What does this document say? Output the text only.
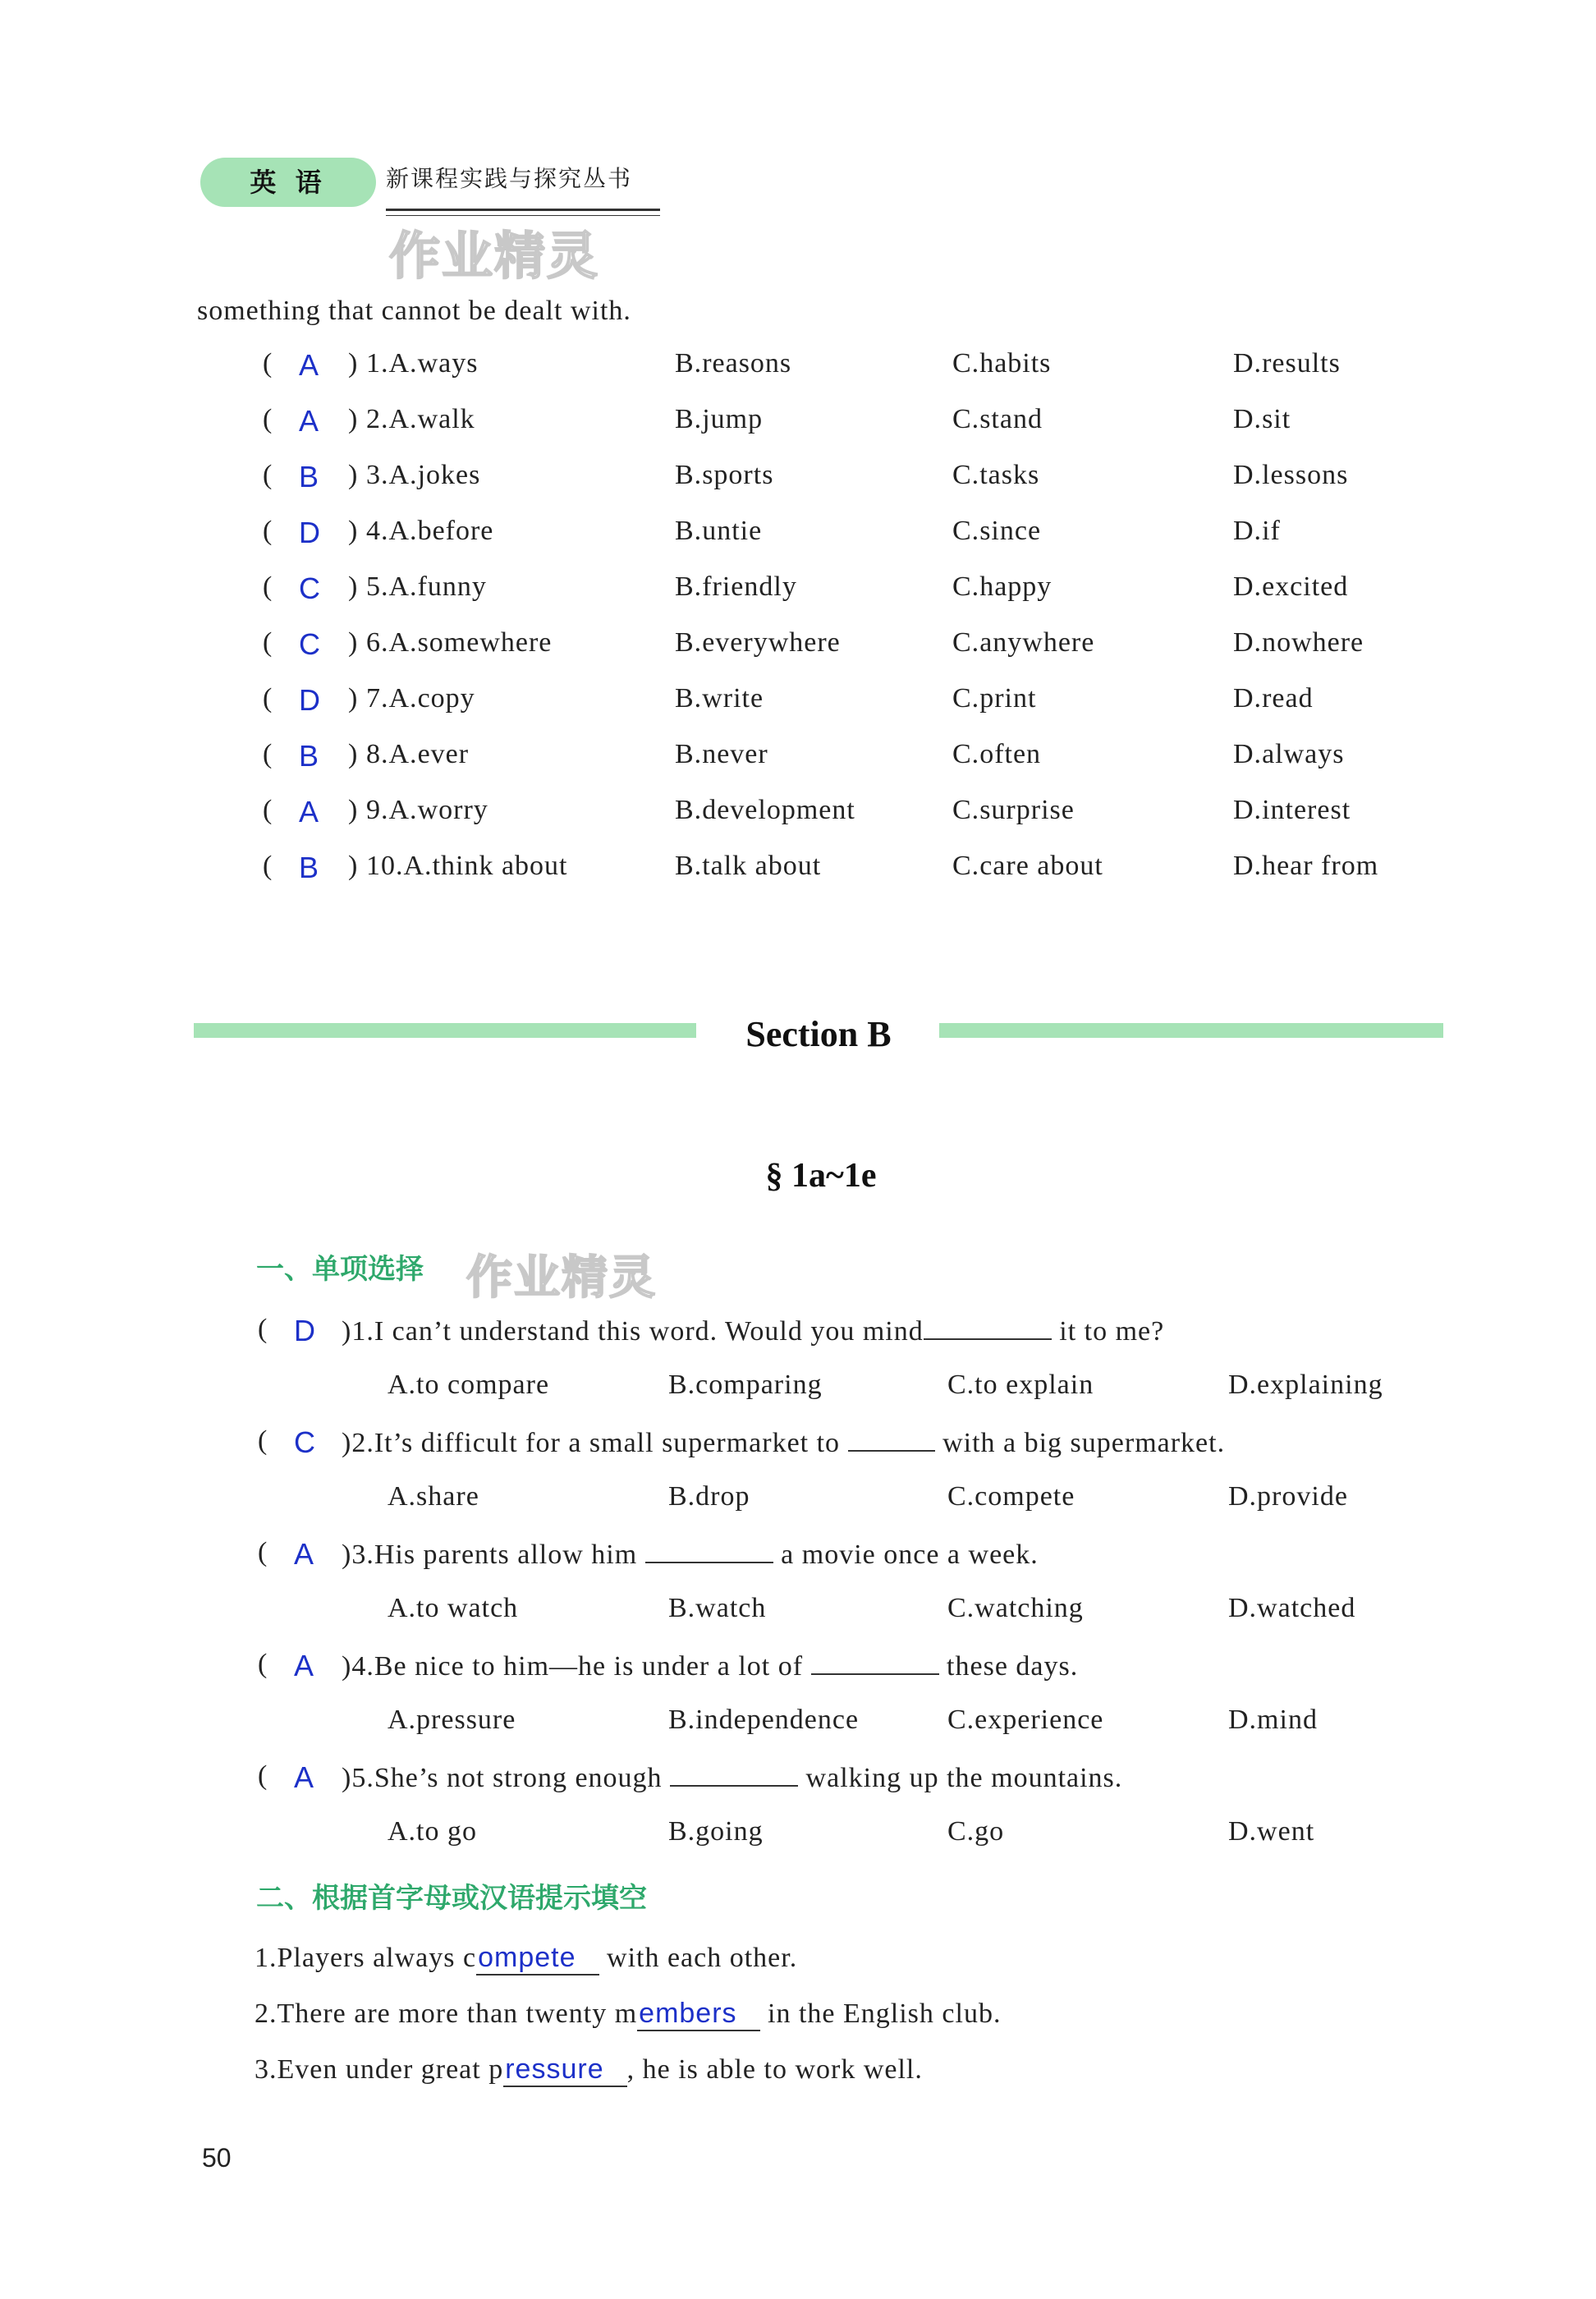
英 语	新课程实践与探究丛书
作业精灵
something that cannot be dealt with.
( A ) 1.A.ways	B.reasons	C.habits	D.results
( A ) 2.A.walk	B.jump	C.stand	D.sit
( B ) 3.A.jokes	B.sports	C.tasks	D.lessons
( D ) 4.A.before	B.untie	C.since	D.if
( C ) 5.A.funny	B.friendly	C.happy	D.excited
( C ) 6.A.somewhere	B.everywhere	C.anywhere	D.nowhere
( D ) 7.A.copy	B.write	C.print	D.read
( B ) 8.A.ever	B.never	C.often	D.always
( A ) 9.A.worry	B.development	C.surprise	D.interest
( B ) 10.A.think about	B.talk about	C.care about	D.hear from
Section B
§ 1a~1e
一、单项选择 作业精灵
( D )1.I can’t understand this word. Would you mind	it to me?
A.to compare	B.comparing	C.to explain	D.explaining
( C )2.It’s difficult for a small supermarket to	with a big supermarket.
A.share	B.drop	C.compete	D.provide
( A )3.His parents allow him	a movie once a week.
A.to watch	B.watch	C.watching	D.watched
( A )4.Be nice to him—he is under a lot of	these days.
A.pressure	B.independence	C.experience	D.mind
( A )5.She’s not strong enough	walking up the mountains.
A.to go	B.going	C.go	D.went
二、根据首字母或汉语提示填空
1.Players always compete with each other.
2.There are more than twenty members in the English club.
3.Even under great pressure , he is able to work well.
50
